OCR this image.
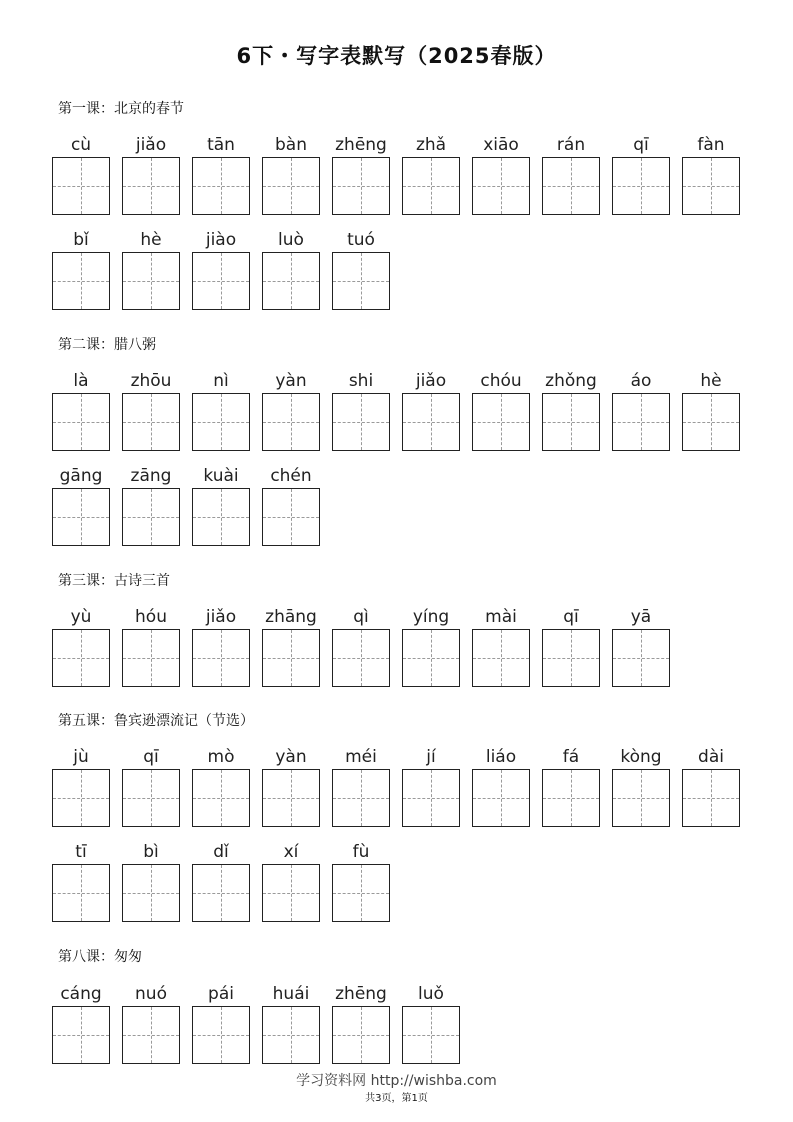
6下・写字表默写（2025春版）
第一课：北京的春节
cù	jiǎo	tān	bàn	zhēng	zhǎ	xiāo	rán	qī	fàn
bǐ	hè	jiào	luò	tuó
第二课：腊八粥
là	zhōu	nì	yàn	shi	jiǎo	chóu	zhǒng	áo	hè
gāng	zāng	kuài	chén
第三课：古诗三首
yù	hóu	jiǎo	zhāng	qì	yíng	mài	qī	yā
第五课：鲁宾逊漂流记（节选）
jù	qī	mò	yàn	méi	jí	liáo	fá	kòng	dài
tī	bì	dǐ	xí	fù
第八课：匆匆
cáng	nuó	pái	huái	zhēng	luǒ
学习资料网 http://wishba.com
共3页，第1页
